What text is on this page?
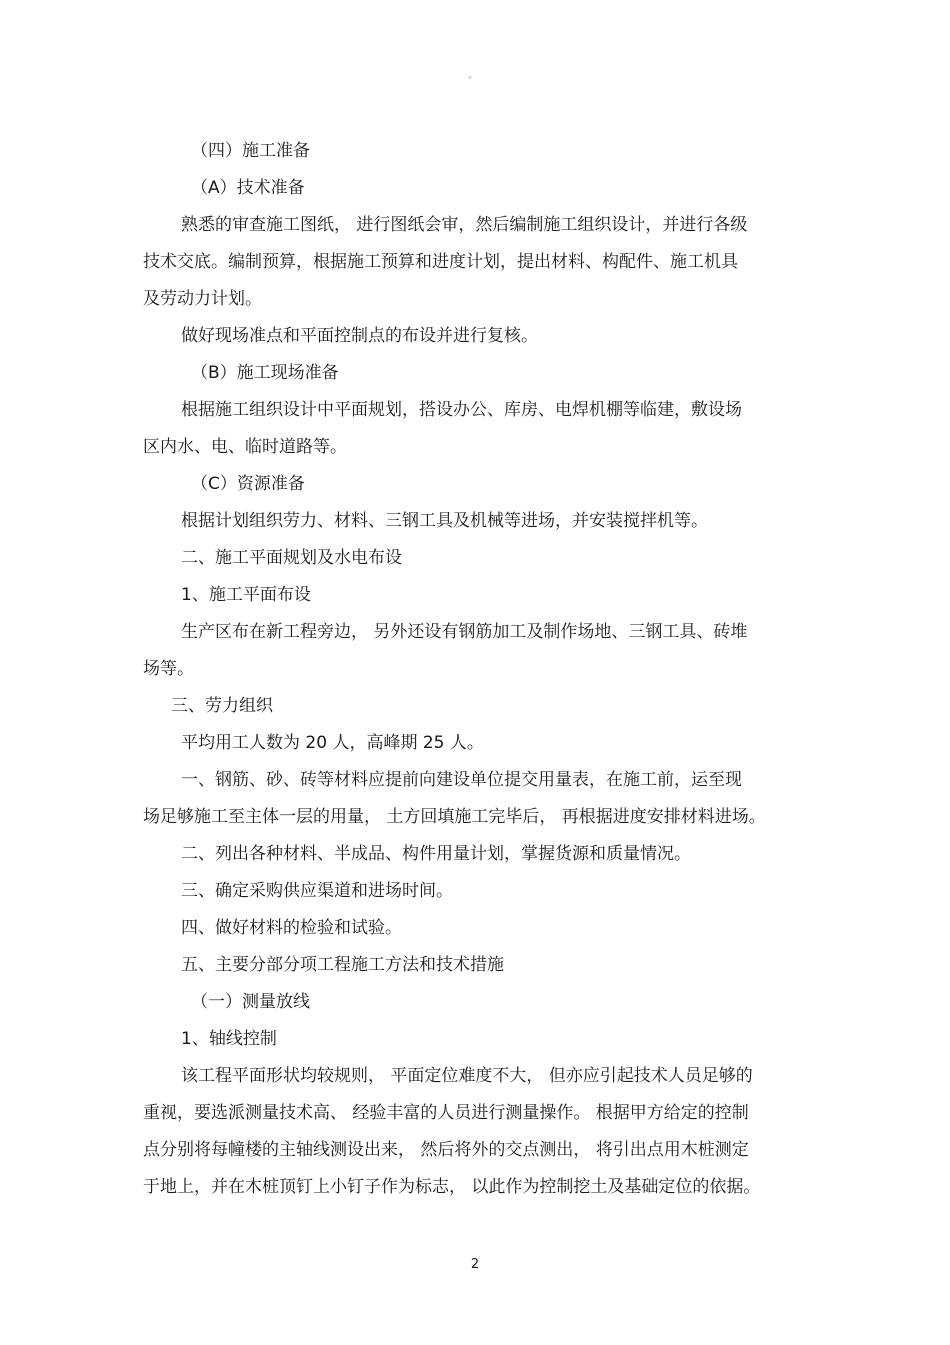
。

（四）施工准备

（A）技术准备

熟悉的审查施工图纸， 进行图纸会审，然后编制施工组织设计，并进行各级

技术交底。编制预算，根据施工预算和进度计划，提出材料、构配件、施工机具

及劳动力计划。

做好现场准点和平面控制点的布设并进行复核。

（B）施工现场准备

根据施工组织设计中平面规划，搭设办公、库房、电焊机棚等临建，敷设场

区内水、电、临时道路等。

（C）资源准备

根据计划组织劳力、材料、三钢工具及机械等进场，并安装搅拌机等。

二、施工平面规划及水电布设

1、施工平面布设

生产区布在新工程旁边， 另外还设有钢筋加工及制作场地、三钢工具、砖堆

场等。

三、劳力组织

平均用工人数为 20 人，高峰期 25 人。

一、钢筋、砂、砖等材料应提前向建设单位提交用量表，在施工前，运至现

场足够施工至主体一层的用量， 土方回填施工完毕后， 再根据进度安排材料进场。

二、列出各种材料、半成品、构件用量计划，掌握货源和质量情况。

三、确定采购供应渠道和进场时间。

四、做好材料的检验和试验。

五、主要分部分项工程施工方法和技术措施

（一）测量放线

1、轴线控制

该工程平面形状均较规则， 平面定位难度不大， 但亦应引起技术人员足够的

重视，要选派测量技术高、 经验丰富的人员进行测量操作。 根据甲方给定的控制

点分别将每幢楼的主轴线测设出来， 然后将外的交点测出， 将引出点用木桩测定

于地上，并在木桩顶钉上小钉子作为标志， 以此作为控制挖土及基础定位的依据。

2
